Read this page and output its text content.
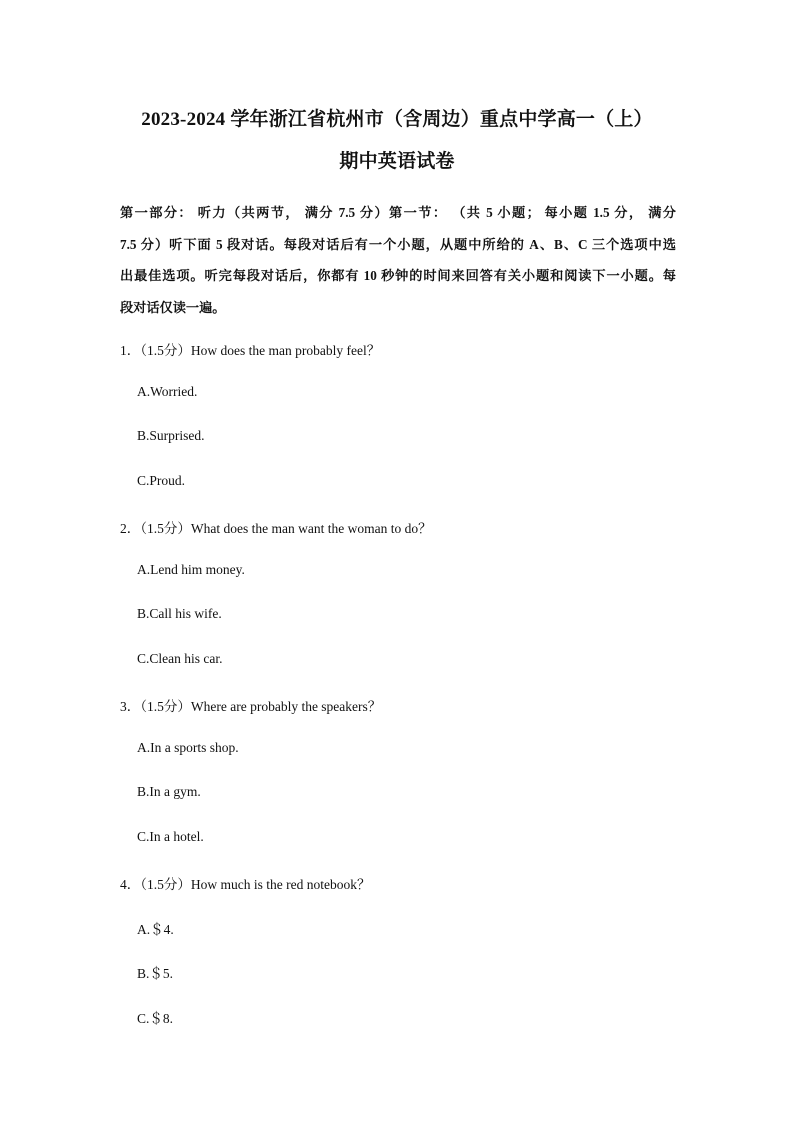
2023-2024 学年浙江省杭州市（含周边）重点中学高一（上）
期中英语试卷
第一部分： 听力（共两节， 满分 7.5 分）第一节： （共 5 小题； 每小题 1.5 分， 满分
7.5 分）听下面 5 段对话。每段对话后有一个小题，从题中所给的 A、B、C 三个选项中选
出最佳选项。听完每段对话后，你都有 10 秒钟的时间来回答有关小题和阅读下一小题。每
段对话仅读一遍。
1．（1.5分）How does the man probably feel？
A.Worried.
B.Surprised.
C.Proud.
2．（1.5分）What does the man want the woman to do？
A.Lend him money.
B.Call his wife.
C.Clean his car.
3．（1.5分）Where are probably the speakers？
A.In a sports shop.
B.In a gym.
C.In a hotel.
4．（1.5分）How much is the red notebook？
A.＄4.
B.＄5.
C.＄8.
